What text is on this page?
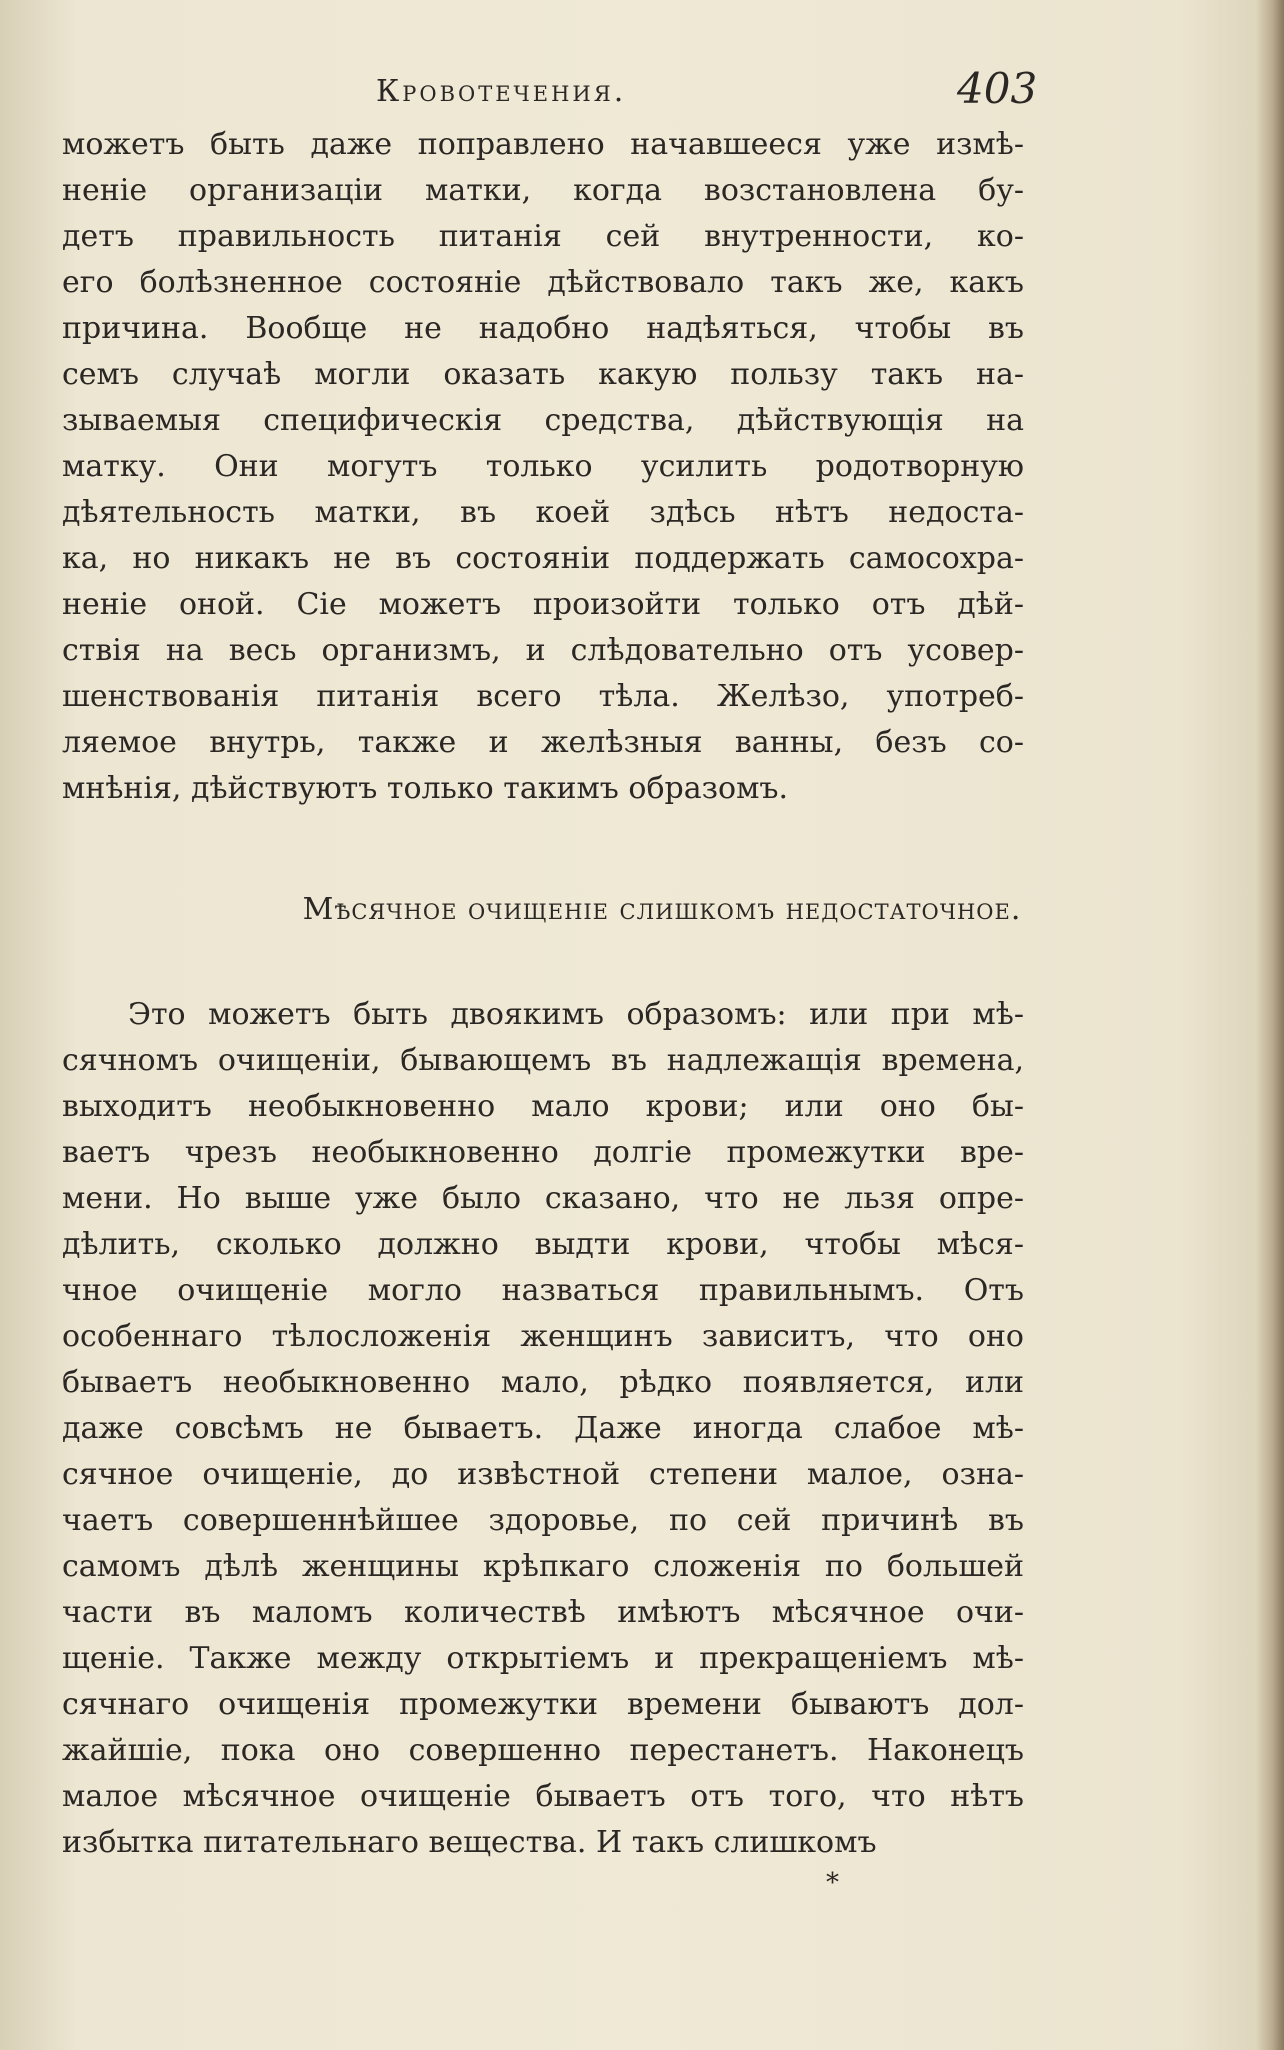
Кровотечения.	403
можетъ быть даже поправлено начавшееся уже измѣ-
неніе организаціи матки, когда возстановлена бу-
детъ правильность питанія сей внутренности, ко-
его болѣзненное состояніе дѣйствовало такъ же, какъ
причина. Вообще не надобно надѣяться, чтобы въ
семъ случаѣ могли оказать какую пользу такъ на-
зываемыя специфическія средства, дѣйствующія на
матку. Они могутъ только усилить родотворную
дѣятельность матки, въ коей здѣсь нѣтъ недоста-
ка, но никакъ не въ состояніи поддержать самосохра-
неніе оной. Сіе можетъ произойти только отъ дѣй-
ствія на весь организмъ, и слѣдовательно отъ усовер-
шенствованія питанія всего тѣла. Желѣзо, употреб-
ляемое внутрь, также и желѣзныя ванны, безъ со-
мнѣнія, дѣйствуютъ только такимъ образомъ.
Мѣсячное очищеніе слишкомъ недостаточное.
Это можетъ быть двоякимъ образомъ: или при мѣ-
сячномъ очищеніи, бывающемъ въ надлежащія времена,
выходитъ необыкновенно мало крови; или оно бы-
ваетъ чрезъ необыкновенно долгіе промежутки вре-
мени. Но выше уже было сказано, что не льзя опре-
дѣлить, сколько должно выдти крови, чтобы мѣся-
чное очищеніе могло назваться правильнымъ. Отъ
особеннаго тѣлосложенія женщинъ зависитъ, что оно
бываетъ необыкновенно мало, рѣдко появляется, или
даже совсѣмъ не бываетъ. Даже иногда слабое мѣ-
сячное очищеніе, до извѣстной степени малое, озна-
чаетъ совершеннѣйшее здоровье, по сей причинѣ въ
самомъ дѣлѣ женщины крѣпкаго сложенія по большей
части въ маломъ количествѣ имѣютъ мѣсячное очи-
щеніе. Также между открытіемъ и прекращеніемъ мѣ-
сячнаго очищенія промежутки времени бываютъ дол-
жайшіе, пока оно совершенно перестанетъ. Наконецъ
малое мѣсячное очищеніе бываетъ отъ того, что нѣтъ
избытка питательнаго вещества. И такъ слишкомъ
*
